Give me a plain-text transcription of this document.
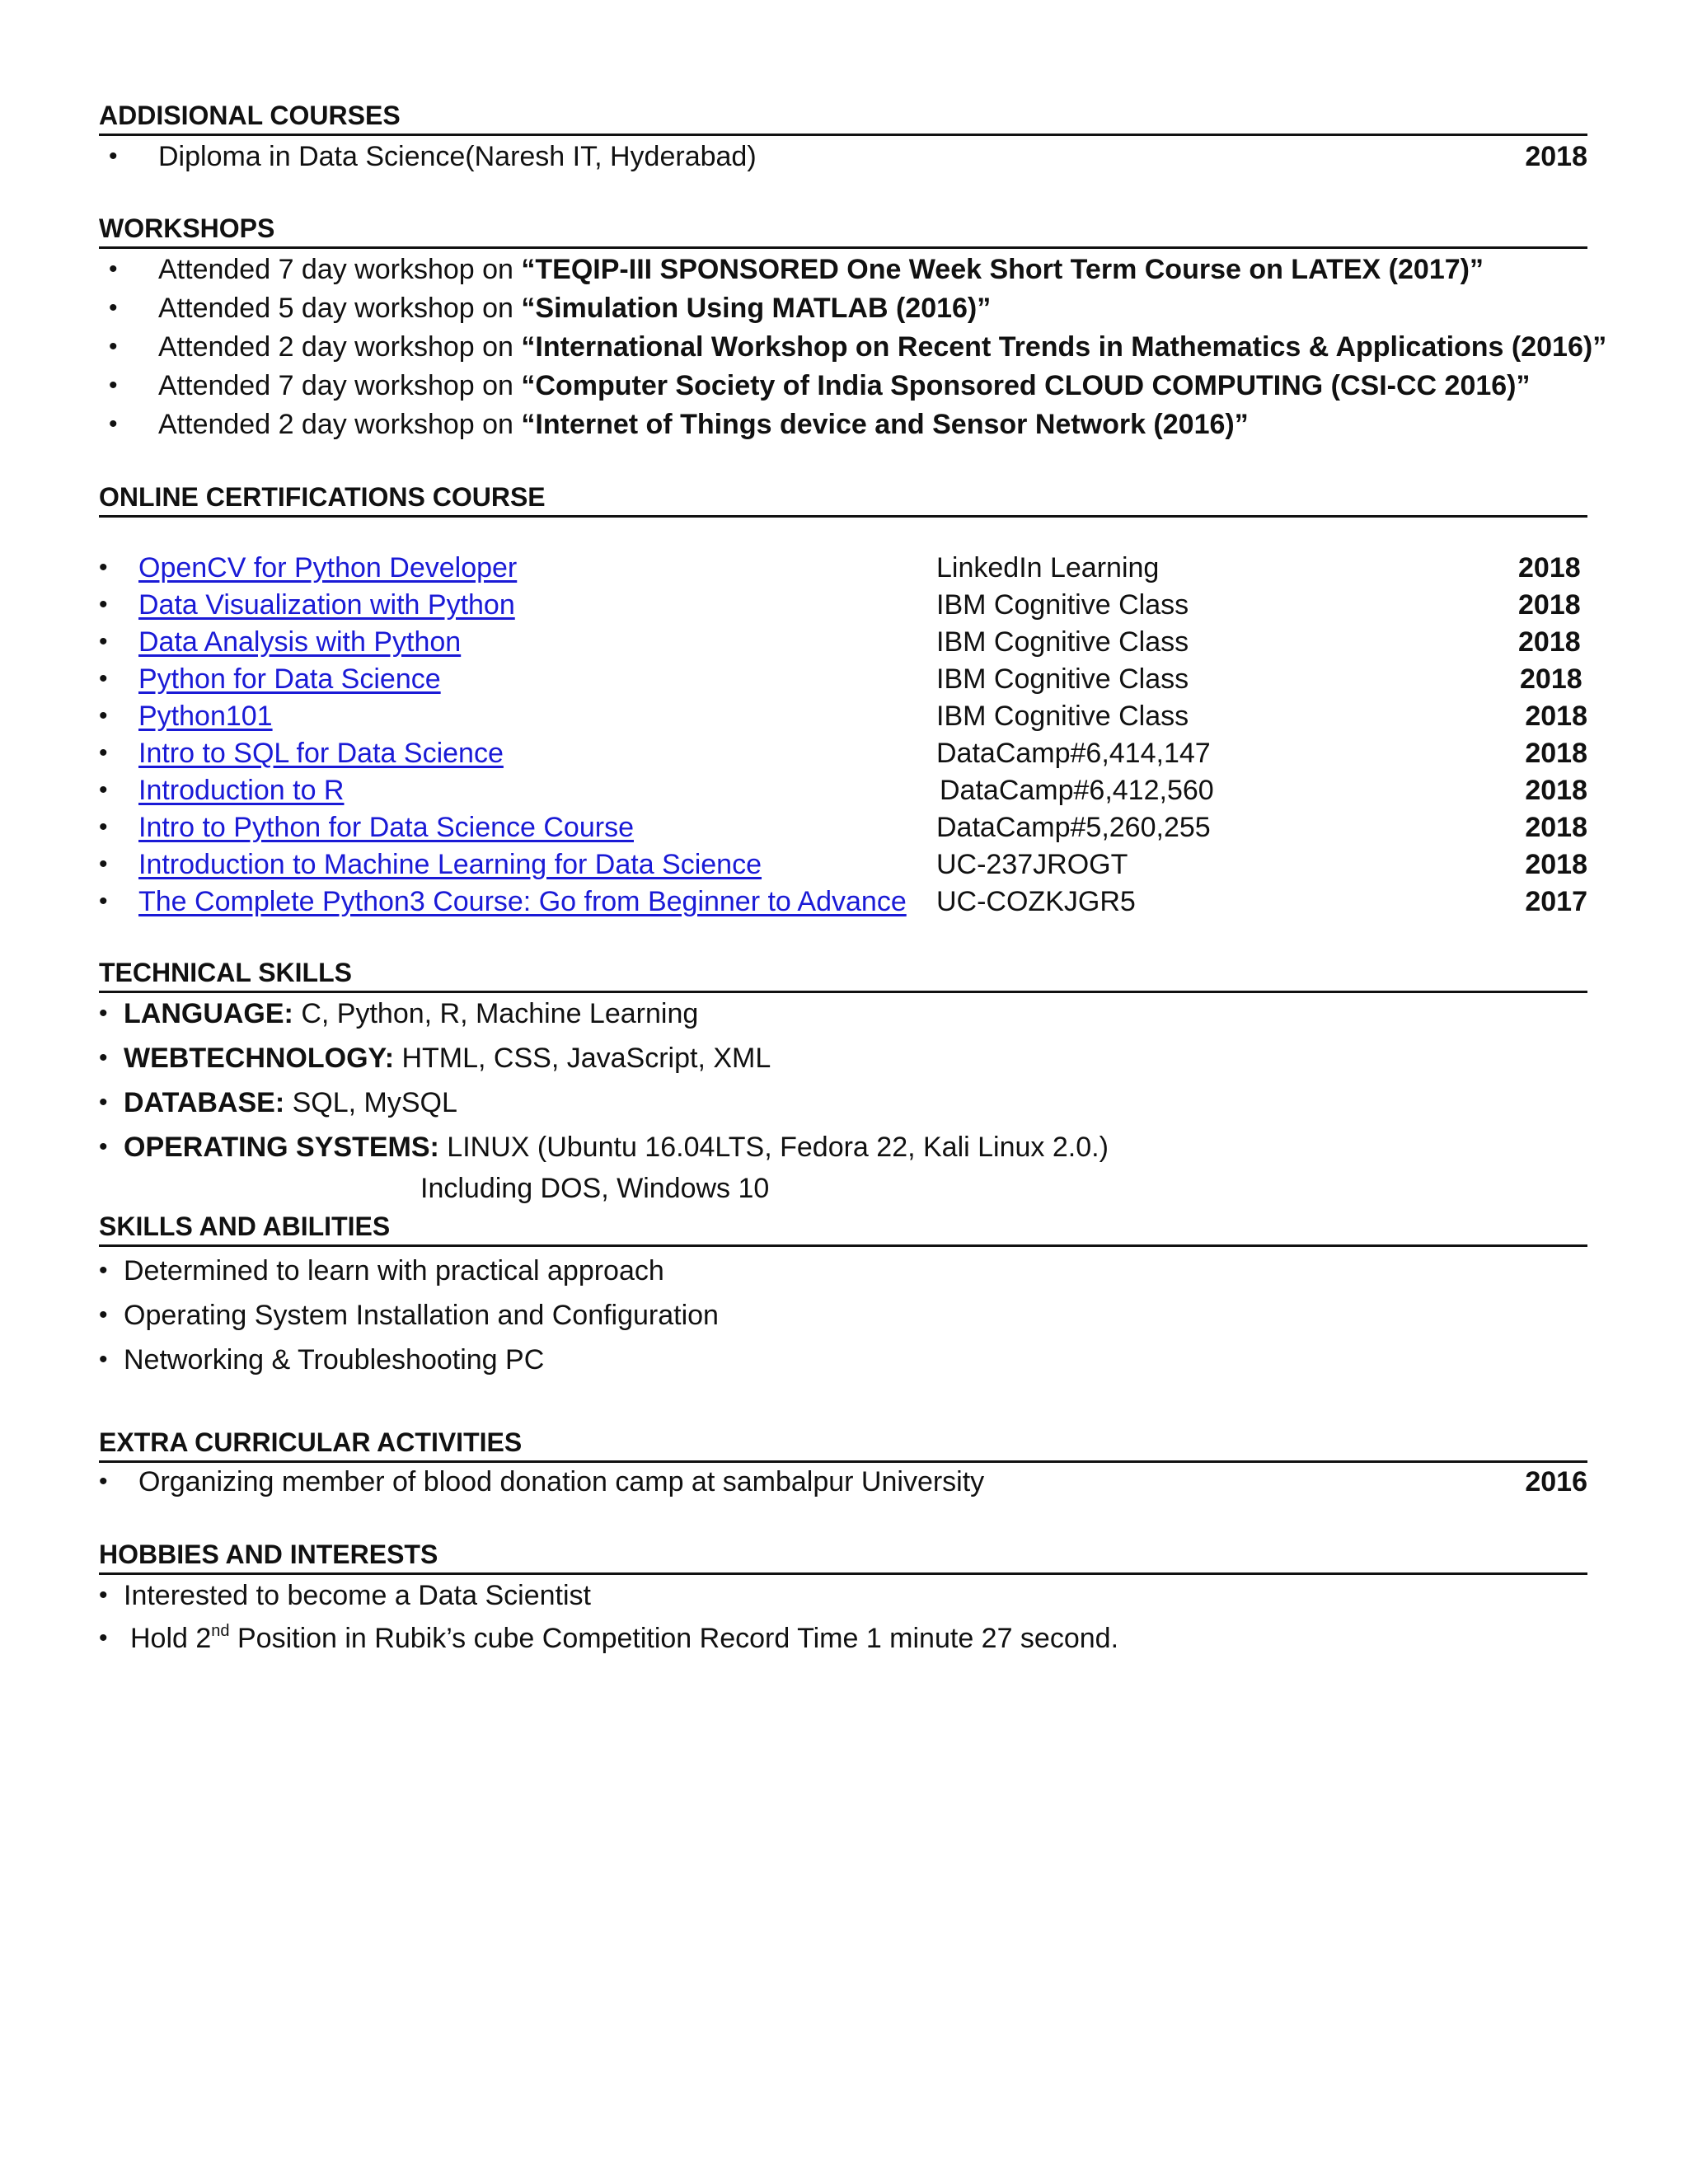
ADDISIONAL COURSES
• Diploma in Data Science(Naresh IT, Hyderabad)	2018
WORKSHOPS
• Attended 7 day workshop on “TEQIP-III SPONSORED One Week Short Term Course on LATEX (2017)”
• Attended 5 day workshop on “Simulation Using MATLAB (2016)”
• Attended 2 day workshop on “International Workshop on Recent Trends in Mathematics & Applications (2016)”
• Attended 7 day workshop on “Computer Society of India Sponsored CLOUD COMPUTING (CSI-CC 2016)”
• Attended 2 day workshop on “Internet of Things device and Sensor Network (2016)”
ONLINE CERTIFICATIONS COURSE
• OpenCV for Python Developer	LinkedIn Learning	2018
• Data Visualization with Python	IBM Cognitive Class	2018
• Data Analysis with Python	IBM Cognitive Class	2018
• Python for Data Science	IBM Cognitive Class	2018
• Python101	IBM Cognitive Class	2018
• Intro to SQL for Data Science	DataCamp#6,414,147	2018
• Introduction to R	DataCamp#6,412,560	2018
• Intro to Python for Data Science Course	DataCamp#5,260,255	2018
• Introduction to Machine Learning for Data Science	UC-237JROGT	2018
• The Complete Python3 Course: Go from Beginner to Advance UC-COZKJGR5	2017
TECHNICAL SKILLS
• LANGUAGE: C, Python, R, Machine Learning
• WEBTECHNOLOGY: HTML, CSS, JavaScript, XML
• DATABASE: SQL, MySQL
• OPERATING SYSTEMS: LINUX (Ubuntu 16.04LTS, Fedora 22, Kali Linux 2.0.)
Including DOS, Windows 10
SKILLS AND ABILITIES
• Determined to learn with practical approach
• Operating System Installation and Configuration
• Networking & Troubleshooting PC
EXTRA CURRICULAR ACTIVITIES
• Organizing member of blood donation camp at sambalpur University	2016
HOBBIES AND INTERESTS
• Interested to become a Data Scientist
• Hold 2nd Position in Rubik’s cube Competition Record Time 1 minute 27 second.
